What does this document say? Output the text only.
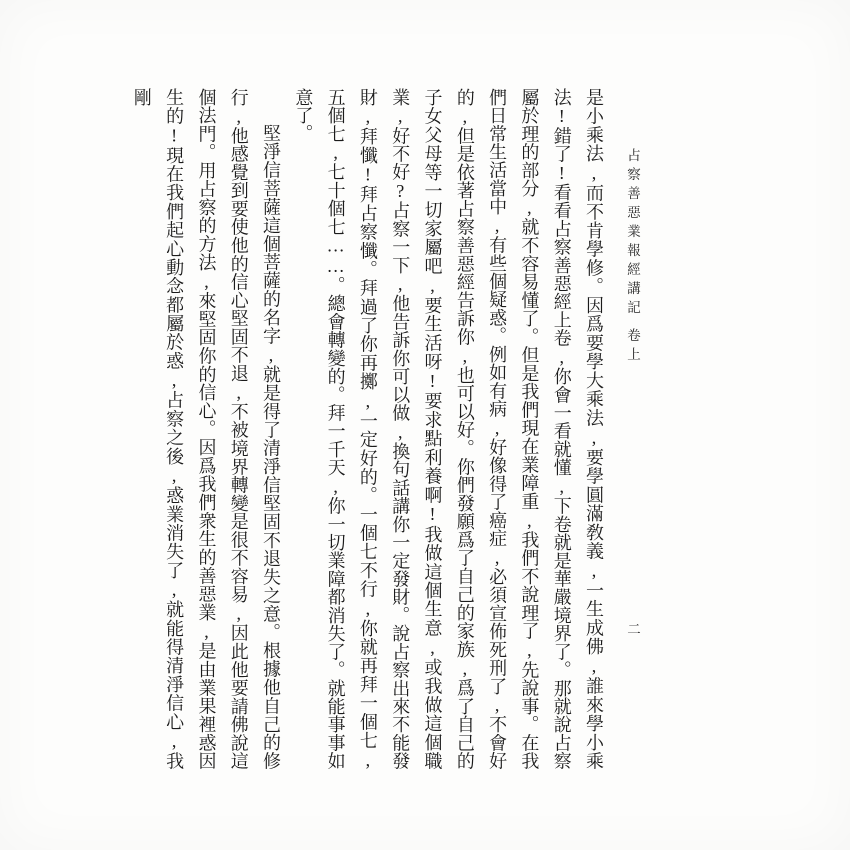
占察善惡業報經講記卷上
二

是小乘法,而不肯學修。因爲要學大乘法,要學圓滿敎義,一生成佛,誰來學小乘法!錯了!看看占察善惡經上卷,你會一看就懂,下卷就是華嚴境界了。那就說占察屬於理的部分,就不容易懂了。但是我們現在業障重,我們不說理了,先說事。在我們日常生活當中,有些個疑惑。例如有病,好像得了癌症,必須宣佈死刑了,不會好的,但是依著占察善惡經告訴你,也可以好。你們發願爲了自己的家族,爲了自己的子女父母等一切家屬吧,要生活呀!要求點利養啊!我做這個生意,或我做這個職業,好不好?占察一下,他告訴你可以做,換句話講你一定發財。說占察出來不能發財,拜懺!拜占察懺。拜過了你再擲,一定好的。一個七不行,你就再拜一個七,五個七,七十個七……。總會轉變的。拜一千天,你一切業障都消失了。就能事事如意了。

堅淨信菩薩這個菩薩的名字,就是得了清淨信堅固不退失之意。根據他自己的修行,他感覺到要使他的信心堅固不退,不被境界轉變是很不容易,因此他要請佛說這個法門。用占察的方法,來堅固你的信心。因爲我們衆生的善惡業,是由業果裡惑因生的!現在我們起心動念都屬於惑,占察之後,惑業消失了,就能得清淨信心,我剛
